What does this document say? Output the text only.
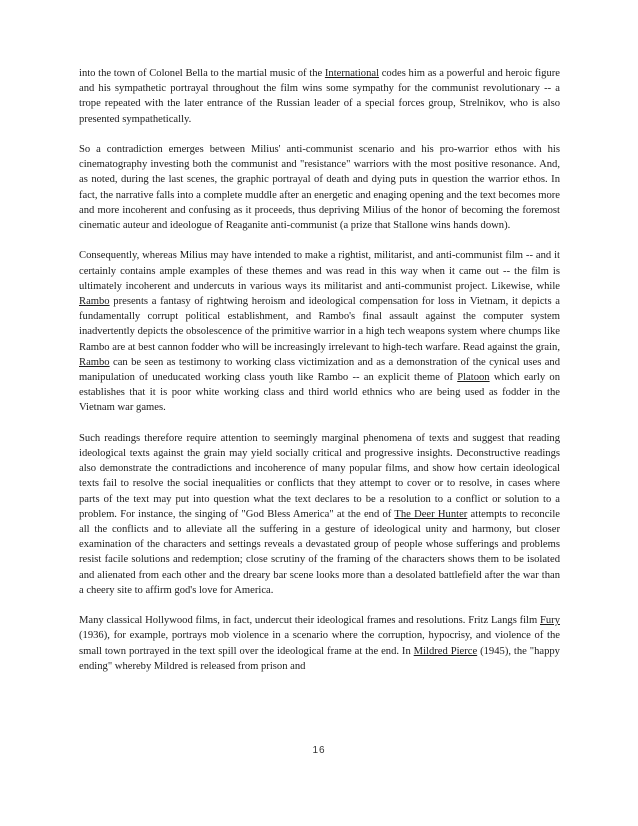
into the town of Colonel Bella to the martial music of the International codes him as a powerful and heroic figure and his sympathetic portrayal throughout the film wins some sympathy for the communist revolutionary -- a trope repeated with the later entrance of the Russian leader of a special forces group, Strelnikov, who is also presented sympathetically.

So a contradiction emerges between Milius' anti-communist scenario and his pro-warrior ethos with his cinematography investing both the communist and "resistance" warriors with the most positive resonance. And, as noted, during the last scenes, the graphic portrayal of death and dying puts in question the warrior ethos. In fact, the narrative falls into a complete muddle after an energetic and enaging opening and the text becomes more and more incoherent and confusing as it proceeds, thus depriving Milius of the honor of becoming the foremost cinematic auteur and ideologue of Reaganite anti-communist (a prize that Stallone wins hands down).

Consequently, whereas Milius may have intended to make a rightist, militarist, and anti-communist film -- and it certainly contains ample examples of these themes and was read in this way when it came out -- the film is ultimately incoherent and undercuts in various ways its militarist and anti-communist project. Likewise, while Rambo presents a fantasy of rightwing heroism and ideological compensation for loss in Vietnam, it depicts a fundamentally corrupt political establishment, and Rambo's final assault against the computer system inadvertently depicts the obsolescence of the primitive warrior in a high tech weapons system where chumps like Rambo are at best cannon fodder who will be increasingly irrelevant to high-tech warfare. Read against the grain, Rambo can be seen as testimony to working class victimization and as a demonstration of the cynical uses and manipulation of uneducated working class youth like Rambo -- an explicit theme of Platoon which early on establishes that it is poor white working class and third world ethnics who are being used as fodder in the Vietnam war games.

Such readings therefore require attention to seemingly marginal phenomena of texts and suggest that reading ideological texts against the grain may yield socially critical and progressive insights. Deconstructive readings also demonstrate the contradictions and incoherence of many popular films, and show how certain ideological texts fail to resolve the social inequalities or conflicts that they attempt to cover or to resolve, in cases where parts of the text may put into question what the text declares to be a resolution to a conflict or solution to a problem. For instance, the singing of "God Bless America" at the end of The Deer Hunter attempts to reconcile all the conflicts and to alleviate all the suffering in a gesture of ideological unity and harmony, but closer examination of the characters and settings reveals a devastated group of people whose sufferings and problems resist facile solutions and redemption; close scrutiny of the framing of the characters shows them to be isolated and alienated from each other and the dreary bar scene looks more than a desolated battlefield after the war than a cheery site to affirm god's love for America.

Many classical Hollywood films, in fact, undercut their ideological frames and resolutions. Fritz Langs film Fury (1936), for example, portrays mob violence in a scenario where the corruption, hypocrisy, and violence of the small town portrayed in the text spill over the ideological frame at the end. In Mildred Pierce (1945), the "happy ending" whereby Mildred is released from prison and

16
